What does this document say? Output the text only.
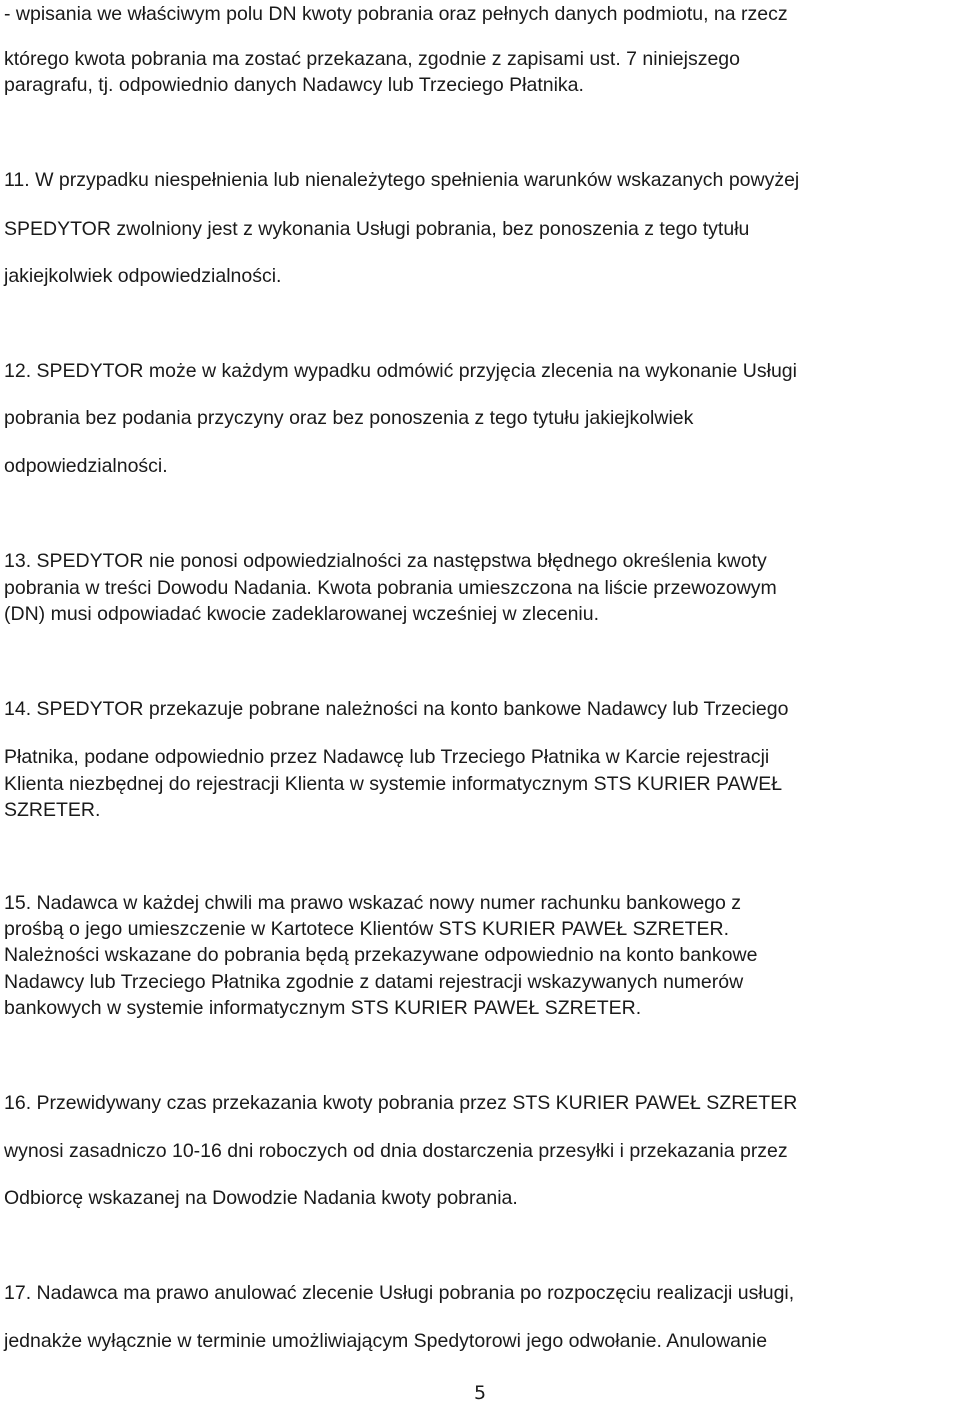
- wpisania we właściwym polu DN kwoty pobrania oraz pełnych danych podmiotu, na rzecz

którego kwota pobrania ma zostać przekazana, zgodnie z zapisami ust. 7 niniejszego

paragrafu, tj. odpowiednio danych Nadawcy lub Trzeciego Płatnika.

11. W przypadku niespełnienia lub nienależytego spełnienia warunków wskazanych powyżej

SPEDYTOR zwolniony jest z wykonania Usługi pobrania, bez ponoszenia z tego tytułu

jakiejkolwiek odpowiedzialności.

12. SPEDYTOR może w każdym wypadku odmówić przyjęcia zlecenia na wykonanie Usługi

pobrania bez podania przyczyny oraz bez ponoszenia z tego tytułu jakiejkolwiek

odpowiedzialności.

13. SPEDYTOR nie ponosi odpowiedzialności za następstwa błędnego określenia kwoty

pobrania w treści Dowodu Nadania. Kwota pobrania umieszczona na liście przewozowym

(DN) musi odpowiadać kwocie zadeklarowanej wcześniej w zleceniu.

14. SPEDYTOR przekazuje pobrane należności na konto bankowe Nadawcy lub Trzeciego

Płatnika, podane odpowiednio przez Nadawcę lub Trzeciego Płatnika w Karcie rejestracji

Klienta niezbędnej do rejestracji Klienta w systemie informatycznym STS KURIER PAWEŁ

SZRETER.

15. Nadawca w każdej chwili ma prawo wskazać nowy numer rachunku bankowego z

prośbą o jego umieszczenie w Kartotece Klientów STS KURIER PAWEŁ SZRETER.

Należności wskazane do pobrania będą przekazywane odpowiednio na konto bankowe

Nadawcy lub Trzeciego Płatnika zgodnie z datami rejestracji wskazywanych numerów

bankowych w systemie informatycznym STS KURIER PAWEŁ SZRETER.

16. Przewidywany czas przekazania kwoty pobrania przez STS KURIER PAWEŁ SZRETER

wynosi zasadniczo 10-16 dni roboczych od dnia dostarczenia przesyłki i przekazania przez

Odbiorcę wskazanej na Dowodzie Nadania kwoty pobrania.

17. Nadawca ma prawo anulować zlecenie Usługi pobrania po rozpoczęciu realizacji usługi,

jednakże wyłącznie w terminie umożliwiającym Spedytorowi jego odwołanie. Anulowanie

5
